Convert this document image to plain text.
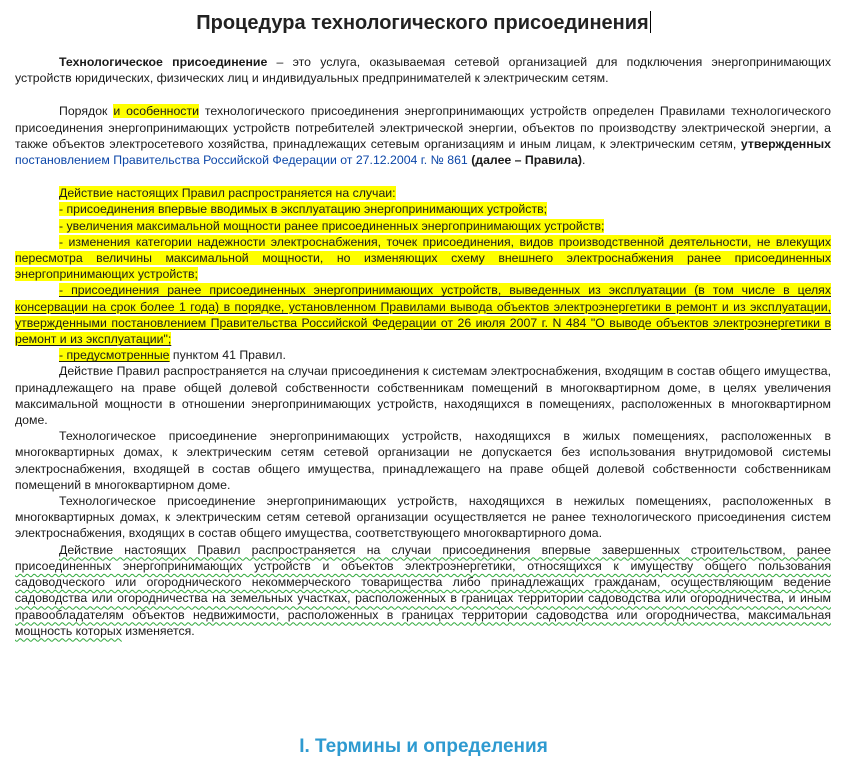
Процедура технологического присоединения

Технологическое присоединение – это услуга, оказываемая сетевой организацией для подключения энергопринимающих устройств юридических, физических лиц и индивидуальных предпринимателей к электрическим сетям.

Порядок и особенности технологического присоединения энергопринимающих устройств определен Правилами технологического присоединения энергопринимающих устройств потребителей электрической энергии, объектов по производству электрической энергии, а также объектов электросетевого хозяйства, принадлежащих сетевым организациям и иным лицам, к электрическим сетям, утвержденных постановлением Правительства Российской Федерации от 27.12.2004 г. № 861 (далее – Правила).

Действие настоящих Правил распространяется на случаи:

- присоединения впервые вводимых в эксплуатацию энергопринимающих устройств;

- увеличения максимальной мощности ранее присоединенных энергопринимающих устройств;

- изменения категории надежности электроснабжения, точек присоединения, видов производственной деятельности, не влекущих пересмотра величины максимальной мощности, но изменяющих схему внешнего электроснабжения ранее присоединенных энергопринимающих устройств;

- присоединения ранее присоединенных энергопринимающих устройств, выведенных из эксплуатации (в том числе в целях консервации на срок более 1 года) в порядке, установленном Правилами вывода объектов электроэнергетики в ремонт и из эксплуатации, утвержденными постановлением Правительства Российской Федерации от 26 июля 2007 г. N 484 "О выводе объектов электроэнергетики в ремонт и из эксплуатации";

- предусмотренные пунктом 41 Правил.

Действие Правил распространяется на случаи присоединения к системам электроснабжения, входящим в состав общего имущества, принадлежащего на праве общей долевой собственности собственникам помещений в многоквартирном доме, в целях увеличения максимальной мощности в отношении энергопринимающих устройств, находящихся в помещениях, расположенных в многоквартирном доме.

Технологическое присоединение энергопринимающих устройств, находящихся в жилых помещениях, расположенных в многоквартирных домах, к электрическим сетям сетевой организации не допускается без использования внутридомовой системы электроснабжения, входящей в состав общего имущества, принадлежащего на праве общей долевой собственности собственникам помещений в многоквартирном доме.

Технологическое присоединение энергопринимающих устройств, находящихся в нежилых помещениях, расположенных в многоквартирных домах, к электрическим сетям сетевой организации осуществляется не ранее технологического присоединения систем электроснабжения, входящих в состав общего имущества, соответствующего многоквартирного дома.

Действие настоящих Правил распространяется на случаи присоединения впервые завершенных строительством, ранее присоединенных энергопринимающих устройств и объектов электроэнергетики, относящихся к имуществу общего пользования садоводческого или огороднического некоммерческого товарищества либо принадлежащих гражданам, осуществляющим ведение садоводства или огородничества на земельных участках, расположенных в границах территории садоводства или огородничества, и иным правообладателям объектов недвижимости, расположенных в границах территории садоводства или огородничества, максимальная мощность которых изменяется.

I. Термины и определения
